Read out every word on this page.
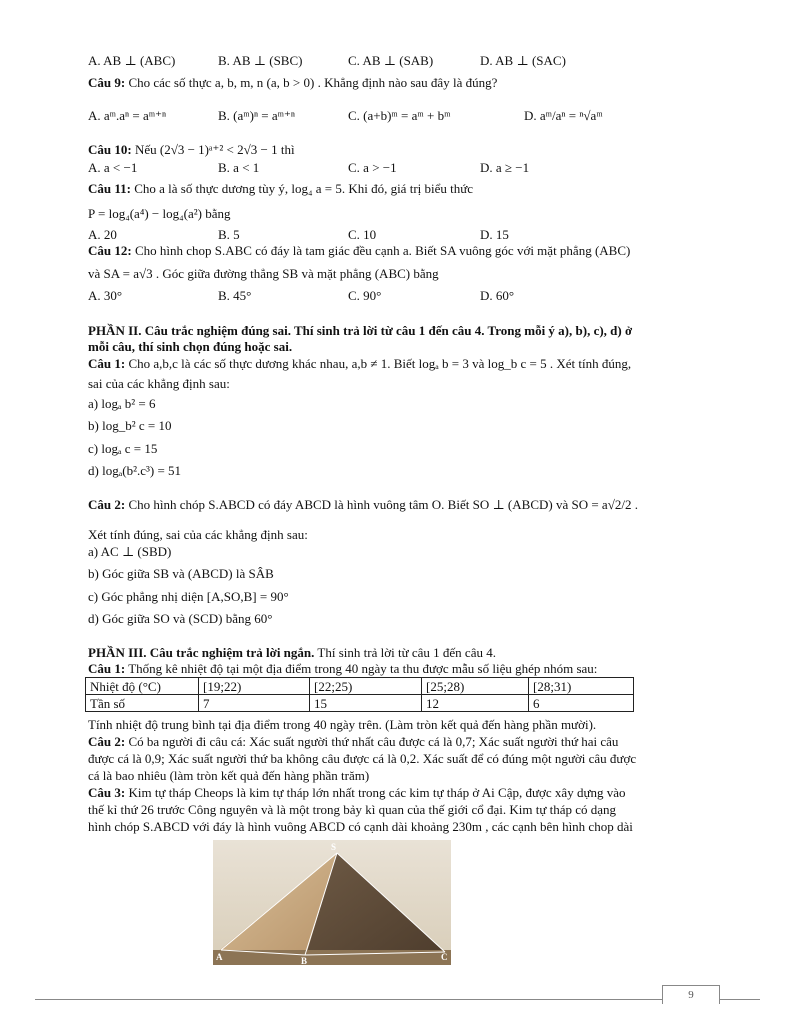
A. AB ⊥ (ABC)	B. AB ⊥ (SBC)	C. AB ⊥ (SAB)	D. AB ⊥ (SAC)
Câu 9: Cho các số thực a, b, m, n (a, b > 0) . Khẳng định nào sau đây là đúng?
A. aᵐ.aⁿ = aᵐ⁺ⁿ	B. (aᵐ)ⁿ = aᵐ⁺ⁿ	C. (a+b)ᵐ = aᵐ + bᵐ	D. aᵐ/aⁿ = ⁿ√aᵐ
Câu 10: Nếu (2√3 − 1)ᵃ⁺² < 2√3 − 1 thì
A. a < −1	B. a < 1	C. a > −1	D. a ≥ −1
Câu 11: Cho a là số thực dương tùy ý, log₄ a = 5. Khi đó, giá trị biểu thức
P = log₄(a⁴) − log₄(a²) bằng
A. 20	B. 5	C. 10	D. 15
Câu 12: Cho hình chop S.ABC có đáy là tam giác đều cạnh a. Biết SA vuông góc với mặt phẳng (ABC)
và SA = a√3 . Góc giữa đường thẳng SB và mặt phẳng (ABC) bằng
A. 30°	B. 45°	C. 90°	D. 60°
PHẦN II. Câu trắc nghiệm đúng sai. Thí sinh trả lời từ câu 1 đến câu 4. Trong mỗi ý a), b), c), d) ở
mỗi câu, thí sinh chọn đúng hoặc sai.
Câu 1: Cho a,b,c là các số thực dương khác nhau, a,b ≠ 1. Biết logₐ b = 3 và log_b c = 5 . Xét tính đúng,
sai của các khẳng định sau:
a) logₐ b² = 6
b) log_b² c = 10
c) logₐ c = 15
d) logₐ(b².c³) = 51
Câu 2: Cho hình chóp S.ABCD có đáy ABCD là hình vuông tâm O. Biết SO ⊥ (ABCD) và SO = a√2/2 .
Xét tính đúng, sai của các khẳng định sau:
a) AC ⊥ (SBD)
b) Góc giữa SB và (ABCD) là SÂB
c) Góc phẳng nhị diện [A,SO,B] = 90°
d) Góc giữa SO và (SCD) bằng 60°
PHẦN III. Câu trắc nghiệm trả lời ngắn. Thí sinh trả lời từ câu 1 đến câu 4.
Câu 1: Thống kê nhiệt độ tại một địa điểm trong 40 ngày ta thu được mẫu số liệu ghép nhóm sau:
Nhiệt độ (°C)	[19;22)	[22;25)	[25;28)	[28;31)
Tần số	7	15	12	6
Tính nhiệt độ trung bình tại địa điểm trong 40 ngày trên. (Làm tròn kết quả đến hàng phần mười).
Câu 2: Có ba người đi câu cá: Xác suất người thứ nhất câu được cá là 0,7; Xác suất người thứ hai câu
được cá là 0,9; Xác suất người thứ ba không câu được cá là 0,2. Xác suất để có đúng một người câu được
cá là bao nhiêu (làm tròn kết quả đến hàng phần trăm)
Câu 3: Kim tự tháp Cheops là kim tự tháp lớn nhất trong các kim tự tháp ở Ai Cập, được xây dựng vào
thế kỉ thứ 26 trước Công nguyên và là một trong bảy kì quan của thế giới cổ đại. Kim tự tháp có dạng
hình chóp S.ABCD với đáy là hình vuông ABCD có cạnh dài khoảng 230m , các cạnh bên hình chop dài
S
A	B	C
9
